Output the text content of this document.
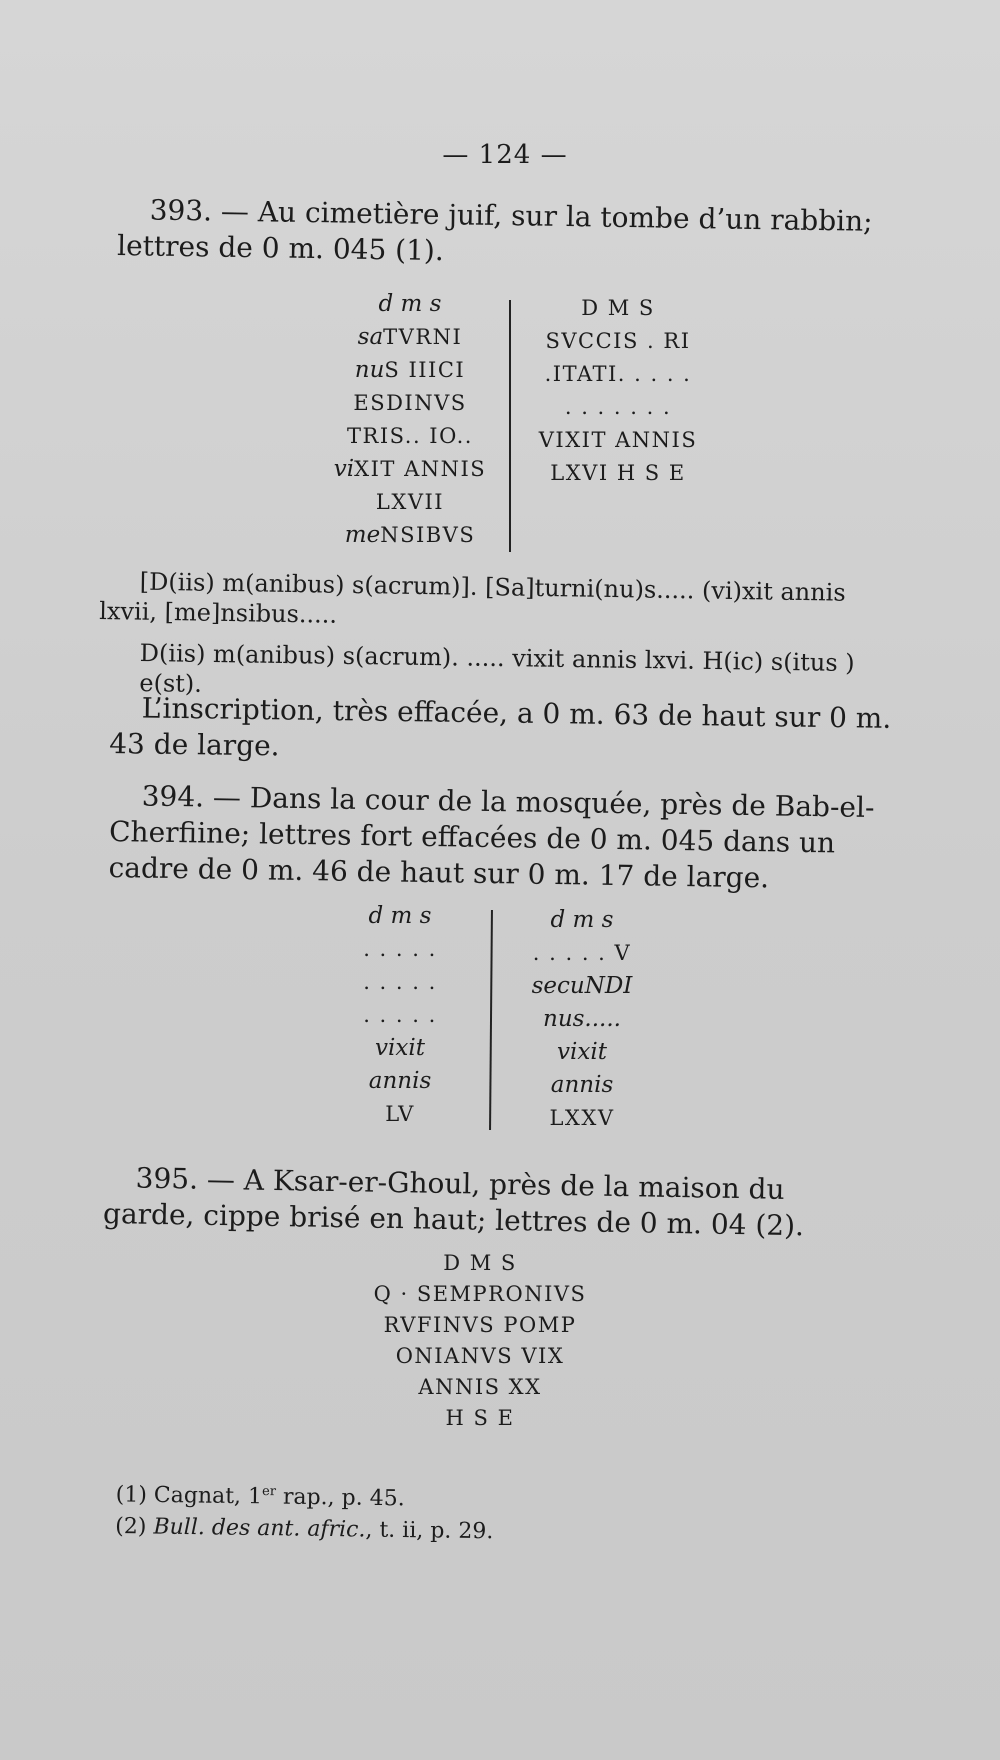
— 124 —
393. — Au cimetière juif, sur la tombe d’un rabbin; lettres de 0 m. 045 (1).
d m s
saTVRNI
nuS IIICI
ESDINVS
TRIS.. IO..
viXIT ANNIS
LXVII
meNSIBVS
D M S
SVCCIS . RI
.ITATI. . . . .
. . . . . . .
VIXIT ANNIS
LXVI H S E
[D(iis) m(anibus) s(acrum)]. [Sa]turni(nu)s..... (vi)xit annis lxvii, [me]nsibus.....
D(iis) m(anibus) s(acrum). ..... vixit annis lxvi. H(ic) s(itus ) e(st).
L’inscription, très effacée, a 0 m. 63 de haut sur 0 m. 43 de large.
394. — Dans la cour de la mosquée, près de Bab-el-Cherfiine; lettres fort effacées de 0 m. 045 dans un cadre de 0 m. 46 de haut sur 0 m. 17 de large.
d m s
. . . . .
. . . . .
. . . . .
vixit
annis
LV
d m s
. . . . . V
secuNDI
nus.....
vixit
annis
LXXV
395. — A Ksar-er-Ghoul, près de la maison du garde, cippe brisé en haut; lettres de 0 m. 04 (2).
D M S
Q · SEMPRONIVS
RVFINVS POMP
ONIANVS VIX
ANNIS XX
H S E
(1) Cagnat, 1er rap., p. 45.
(2) Bull. des ant. afric., t. ii, p. 29.
